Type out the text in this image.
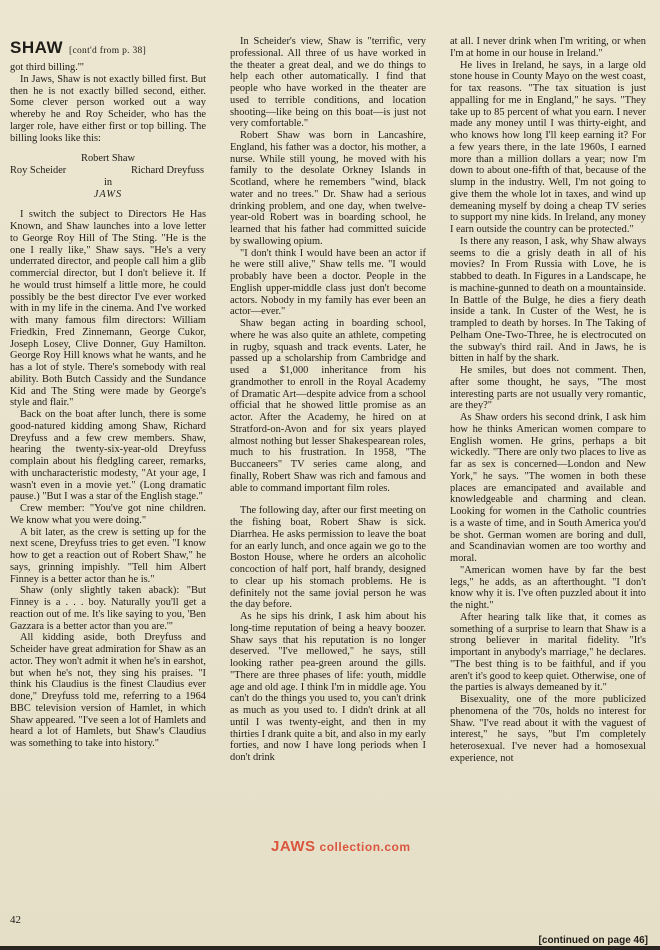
SHAW [cont'd from p. 38]

got third billing.'"

In Jaws, Shaw is not exactly billed first. But then he is not exactly billed second, either. Some clever person worked out a way whereby he and Roy Scheider, who has the larger role, have either first or top billing. The billing looks like this:

Robert Shaw
Roy Scheider	Richard Dreyfuss
in
JAWS

I switch the subject to Directors He Has Known, and Shaw launches into a love letter to George Roy Hill of The Sting. "He is the one I really like," Shaw says. "He's a very underrated director, and people call him a glib commercial director, but I don't believe it. If he would trust himself a little more, he could possibly be the best director I've ever worked with in my life in the cinema. And I've worked with many famous film directors: William Friedkin, Fred Zinnemann, George Cukor, Joseph Losey, Clive Donner, Guy Hamilton. George Roy Hill knows what he wants, and he has a lot of style. There's somebody with real ability. Both Butch Cassidy and the Sundance Kid and The Sting were made by George's style and flair."

Back on the boat after lunch, there is some good-natured kidding among Shaw, Richard Dreyfuss and a few crew members. Shaw, hearing the twenty-six-year-old Dreyfuss complain about his fledgling career, remarks, with uncharacteristic modesty, "At your age, I wasn't even in a movie yet." (Long dramatic pause.) "But I was a star of the English stage."

Crew member: "You've got nine children. We know what you were doing."

A bit later, as the crew is setting up for the next scene, Dreyfuss tries to get even. "I know how to get a reaction out of Robert Shaw," he says, grinning impishly. "Tell him Albert Finney is a better actor than he is."

Shaw (only slightly taken aback): "But Finney is a . . . boy. Naturally you'll get a reaction out of me. It's like saying to you, 'Ben Gazzara is a better actor than you are.'"

All kidding aside, both Dreyfuss and Scheider have great admiration for Shaw as an actor. They won't admit it when he's in earshot, but when he's not, they sing his praises. "I think his Claudius is the finest Claudius ever done," Dreyfuss told me, referring to a 1964 BBC television version of Hamlet, in which Shaw appeared. "I've seen a lot of Hamlets and heard a lot of Hamlets, but Shaw's Claudius was something to take into history."

In Scheider's view, Shaw is "terrific, very professional. All three of us have worked in the theater a great deal, and we do things to help each other automatically. I find that people who have worked in the theater are used to terrible conditions, and location shooting—like being on this boat—is just not very comfortable."

Robert Shaw was born in Lancashire, England, his father was a doctor, his mother, a nurse. While still young, he moved with his family to the desolate Orkney Islands in Scotland, where he remembers "wind, black water and no trees." Dr. Shaw had a serious drinking problem, and one day, when twelve-year-old Robert was in boarding school, he learned that his father had committed suicide by swallowing opium.

"I don't think I would have been an actor if he were still alive," Shaw tells me. "I would probably have been a doctor. People in the English upper-middle class just don't become actors. Nobody in my family has ever been an actor—ever."

Shaw began acting in boarding school, where he was also quite an athlete, competing in rugby, squash and track events. Later, he passed up a scholarship from Cambridge and used a $1,000 inheritance from his grandmother to enroll in the Royal Academy of Dramatic Art—despite advice from a school official that he showed little promise as an actor. After the Academy, he hired on at Stratford-on-Avon and for six years played almost nothing but lesser Shakespearean roles, much to his frustration. In 1958, "The Buccaneers" TV series came along, and finally, Robert Shaw was rich and famous and able to command important film roles.

The following day, after our first meeting on the fishing boat, Robert Shaw is sick. Diarrhea. He asks permission to leave the boat for an early lunch, and once again we go to the Boston House, where he orders an alcoholic concoction of half port, half brandy, designed to clear up his stomach problems. He is definitely not the same jovial person he was the day before.

As he sips his drink, I ask him about his long-time reputation of being a heavy boozer. Shaw says that his reputation is no longer deserved. "I've mellowed," he says, still looking rather pea-green around the gills. "There are three phases of life: youth, middle age and old age. I think I'm in middle age. You can't do the things you used to, you can't drink as much as you used to. I didn't drink at all until I was twenty-eight, and then in my thirties I drank quite a bit, and also in my early forties, and now I have long periods when I don't drink

at all. I never drink when I'm writing, or when I'm at home in our house in Ireland."

He lives in Ireland, he says, in a large old stone house in County Mayo on the west coast, for tax reasons. "The tax situation is just appalling for me in England," he says. "They take up to 85 percent of what you earn. I never made any money until I was thirty-eight, and who knows how long I'll keep earning it? For a few years there, in the late 1960s, I earned more than a million dollars a year; now I'm down to about one-fifth of that, because of the slump in the industry. Well, I'm not going to give them the whole lot in taxes, and wind up demeaning myself by doing a cheap TV series to support my nine kids. In Ireland, any money I earn outside the country can be protected."

Is there any reason, I ask, why Shaw always seems to die a grisly death in all of his movies? In From Russia with Love, he is stabbed to death. In Figures in a Landscape, he is machine-gunned to death on a mountainside. In Battle of the Bulge, he dies a fiery death inside a tank. In Custer of the West, he is trampled to death by horses. In The Taking of Pelham One-Two-Three, he is electrocuted on the subway's third rail. And in Jaws, he is bitten in half by the shark.

He smiles, but does not comment. Then, after some thought, he says, "The most interesting parts are not usually very romantic, are they?"

As Shaw orders his second drink, I ask him how he thinks American women compare to English women. He grins, perhaps a bit wickedly. "There are only two places to live as far as sex is concerned—London and New York," he says. "The women in both these places are emancipated and available and knowledgeable and charming and clean. Looking for women in the Catholic countries is a waste of time, and in South America you'd be shot. German women are boring and dull, and Scandinavian women are too worthy and moral.

"American women have by far the best legs," he adds, as an afterthought. "I don't know why it is. I've often puzzled about it into the night."

After hearing talk like that, it comes as something of a surprise to learn that Shaw is a strong believer in marital fidelity. "It's important in anybody's marriage," he declares. "The best thing is to be faithful, and if you aren't it's good to keep quiet. Otherwise, one of the parties is always demeaned by it."

Bisexuality, one of the more publicized phenomena of the '70s, holds no interest for Shaw. "I've read about it with the vaguest of interest," he says, "but I'm completely heterosexual. I've never had a homosexual experience, not

JAWS collection.com
42
[continued on page 46]
